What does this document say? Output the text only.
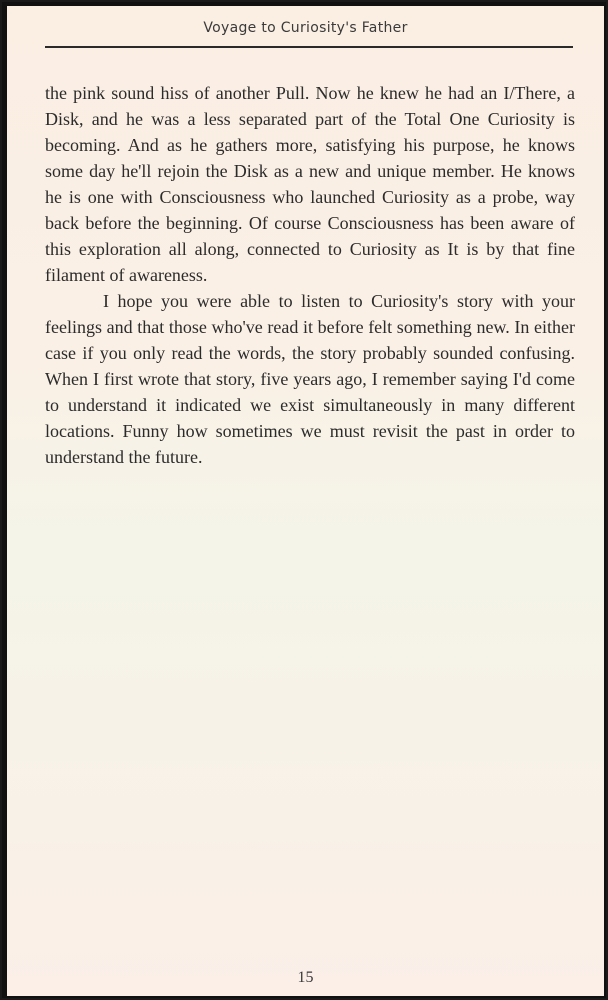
Voyage to Curiosity's Father

the pink sound hiss of another Pull. Now he knew he had an I/There, a Disk, and he was a less separated part of the Total One Curiosity is becoming. And as he gathers more, satisfying his purpose, he knows some day he'll rejoin the Disk as a new and unique member. He knows he is one with Consciousness who launched Curiosity as a probe, way back before the beginning. Of course Consciousness has been aware of this exploration all along, connected to Curiosity as It is by that fine filament of awareness.

I hope you were able to listen to Curiosity's story with your feelings and that those who've read it before felt something new. In either case if you only read the words, the story probably sounded confusing. When I first wrote that story, five years ago, I remember saying I'd come to understand it indicated we exist simultaneously in many different locations. Funny how sometimes we must revisit the past in order to understand the future.

15
